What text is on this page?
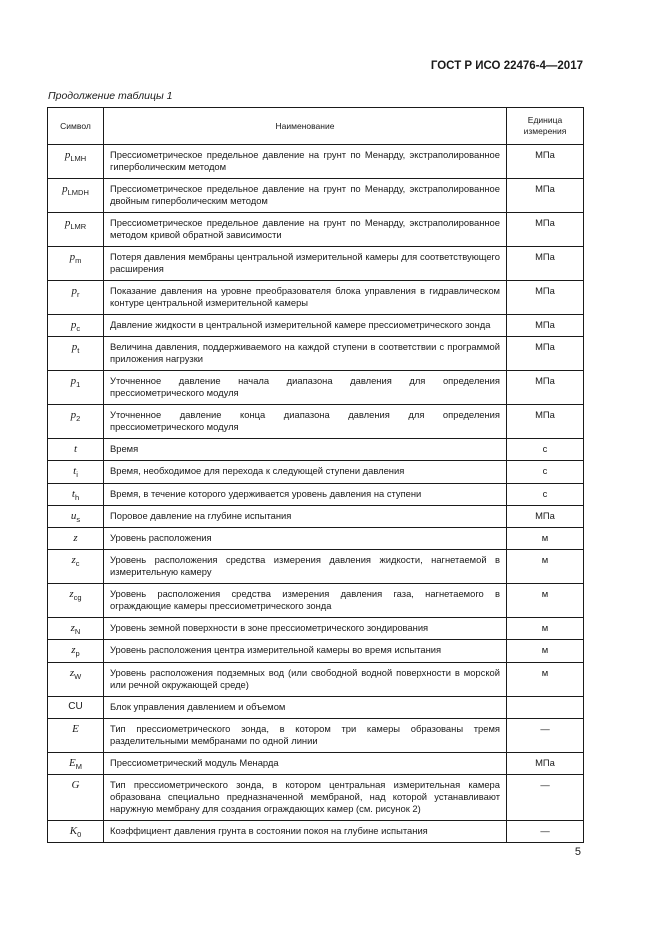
ГОСТ Р ИСО 22476-4—2017
Продолжение таблицы 1
Символ	Наименование	Единица измерения
$p_{LMH}$	Прессиометрическое предельное давление на грунт по Менарду, экстраполированное гиперболическим методом	МПа
$p_{LMDH}$	Прессиометрическое предельное давление на грунт по Менарду, экстраполированное двойным гиперболическим методом	МПа
$p_{LMR}$	Прессиометрическое предельное давление на грунт по Менарду, экстраполированное методом кривой обратной зависимости	МПа
$p_m$	Потеря давления мембраны центральной измерительной камеры для соответствующего расширения	МПа
$p_r$	Показание давления на уровне преобразователя блока управления в гидравлическом контуре центральной измерительной камеры	МПа
$p_c$	Давление жидкости в центральной измерительной камере прессиометрического зонда	МПа
$p_t$	Величина давления, поддерживаемого на каждой ступени в соответствии с программой приложения нагрузки	МПа
$p_1$	Уточненное давление начала диапазона давления для определения прессиометрического модуля	МПа
$p_2$	Уточненное давление конца диапазона давления для определения прессиометрического модуля	МПа
t	Время	с
$t_i$	Время, необходимое для перехода к следующей ступени давления	с
$t_h$	Время, в течение которого удерживается уровень давления на ступени	с
$u_s$	Поровое давление на глубине испытания	МПа
z	Уровень расположения	м
$z_c$	Уровень расположения средства измерения давления жидкости, нагнетаемой в измерительную камеру	м
$z_{cg}$	Уровень расположения средства измерения давления газа, нагнетаемого в ограждающие камеры прессиометрического зонда	м
$z_N$	Уровень земной поверхности в зоне прессиометрического зондирования	м
$z_p$	Уровень расположения центра измерительной камеры во время испытания	м
$z_W$	Уровень расположения подземных вод (или свободной водной поверхности в морской или речной окружающей среде)	м
CU	Блок управления давлением и объемом	
E	Тип прессиометрического зонда, в котором три камеры образованы тремя разделительными мембранами по одной линии	—
$E_M$	Прессиометрический модуль Менарда	МПа
G	Тип прессиометрического зонда, в котором центральная измерительная камера образована специально предназначенной мембраной, над которой устанавливают наружную мембрану для создания ограждающих камер (см. рисунок 2)	—
$K_0$	Коэффициент давления грунта в состоянии покоя на глубине испытания	—
5
